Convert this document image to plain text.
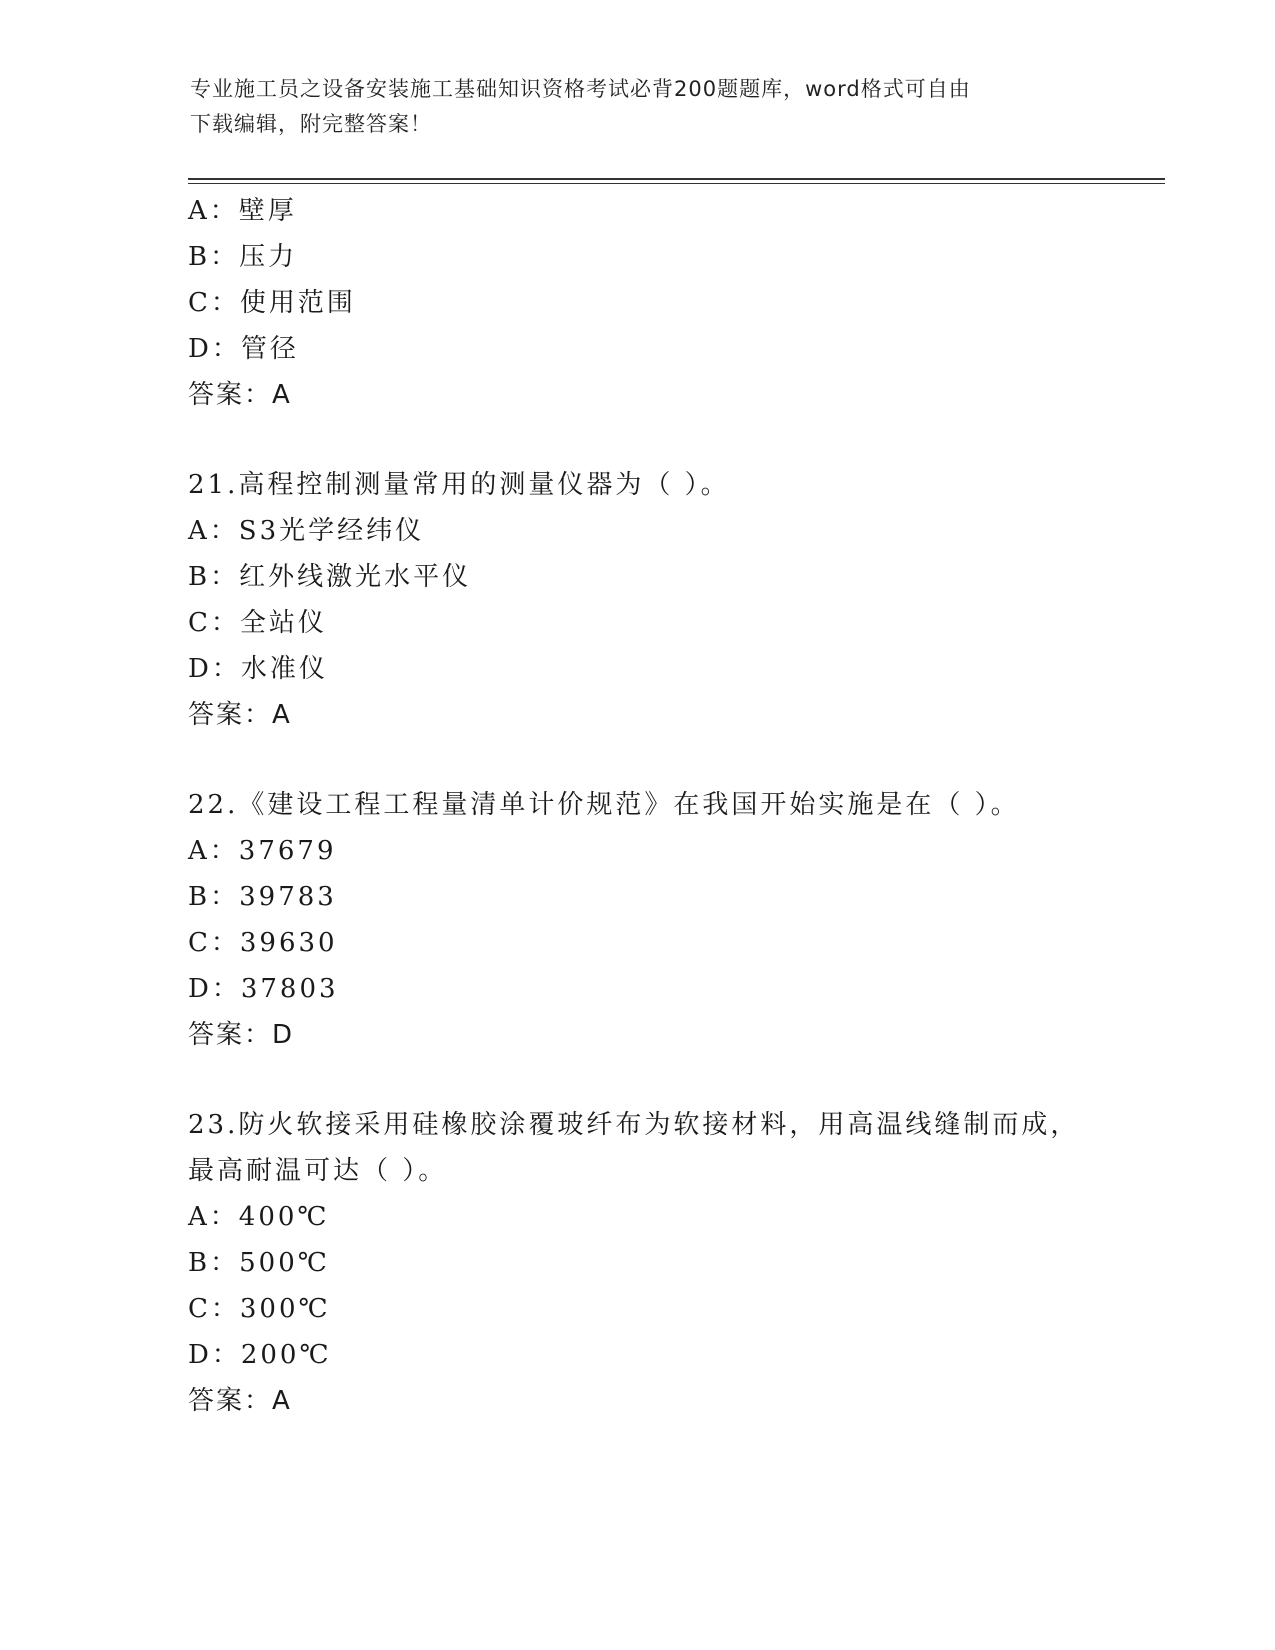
专业施工员之设备安装施工基础知识资格考试必背200题题库，word格式可自由
下载编辑，附完整答案！
A：壁厚
B：压力
C：使用范围
D：管径
答案：A
21.高程控制测量常用的测量仪器为（ ）。
A：S3光学经纬仪
B：红外线激光水平仪
C：全站仪
D：水准仪
答案：A
22.《建设工程工程量清单计价规范》在我国开始实施是在（ ）。
A：37679
B：39783
C：39630
D：37803
答案：D
23.防火软接采用硅橡胶涂覆玻纤布为软接材料，用高温线缝制而成，
最高耐温可达（ ）。
A：400℃
B：500℃
C：300℃
D：200℃
答案：A
